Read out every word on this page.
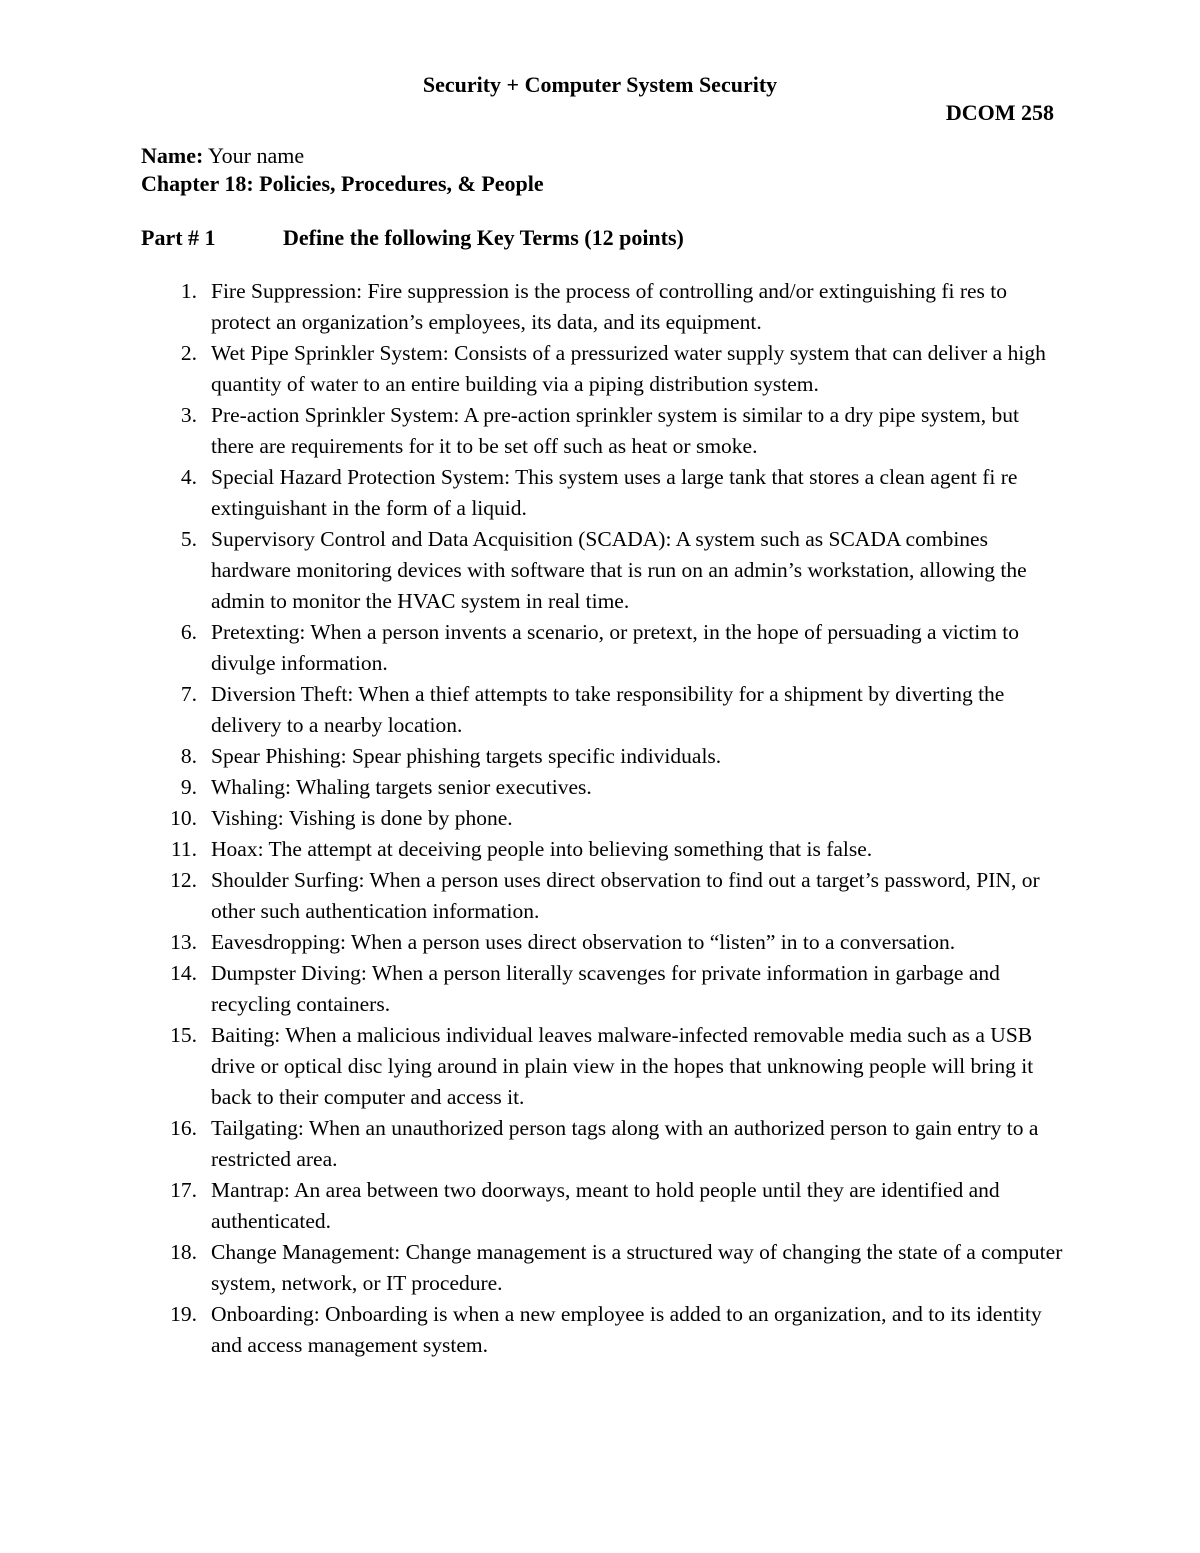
Security + Computer System Security
DCOM 258
Name: Your name
Chapter 18: Policies, Procedures, & People
Part # 1	Define the following Key Terms (12 points)
1. Fire Suppression: Fire suppression is the process of controlling and/or extinguishing fi res to protect an organization’s employees, its data, and its equipment.
2. Wet Pipe Sprinkler System: Consists of a pressurized water supply system that can deliver a high quantity of water to an entire building via a piping distribution system.
3. Pre-action Sprinkler System: A pre-action sprinkler system is similar to a dry pipe system, but there are requirements for it to be set off such as heat or smoke.
4. Special Hazard Protection System: This system uses a large tank that stores a clean agent fi re extinguishant in the form of a liquid.
5. Supervisory Control and Data Acquisition (SCADA): A system such as SCADA combines hardware monitoring devices with software that is run on an admin’s workstation, allowing the admin to monitor the HVAC system in real time.
6. Pretexting: When a person invents a scenario, or pretext, in the hope of persuading a victim to divulge information.
7. Diversion Theft: When a thief attempts to take responsibility for a shipment by diverting the delivery to a nearby location.
8. Spear Phishing: Spear phishing targets specific individuals.
9. Whaling: Whaling targets senior executives.
10. Vishing: Vishing is done by phone.
11. Hoax: The attempt at deceiving people into believing something that is false.
12. Shoulder Surfing: When a person uses direct observation to find out a target’s password, PIN, or other such authentication information.
13. Eavesdropping: When a person uses direct observation to “listen” in to a conversation.
14. Dumpster Diving: When a person literally scavenges for private information in garbage and recycling containers.
15. Baiting: When a malicious individual leaves malware-infected removable media such as a USB drive or optical disc lying around in plain view in the hopes that unknowing people will bring it back to their computer and access it.
16. Tailgating: When an unauthorized person tags along with an authorized person to gain entry to a restricted area.
17. Mantrap: An area between two doorways, meant to hold people until they are identified and authenticated.
18. Change Management: Change management is a structured way of changing the state of a computer system, network, or IT procedure.
19. Onboarding: Onboarding is when a new employee is added to an organization, and to its identity and access management system.
